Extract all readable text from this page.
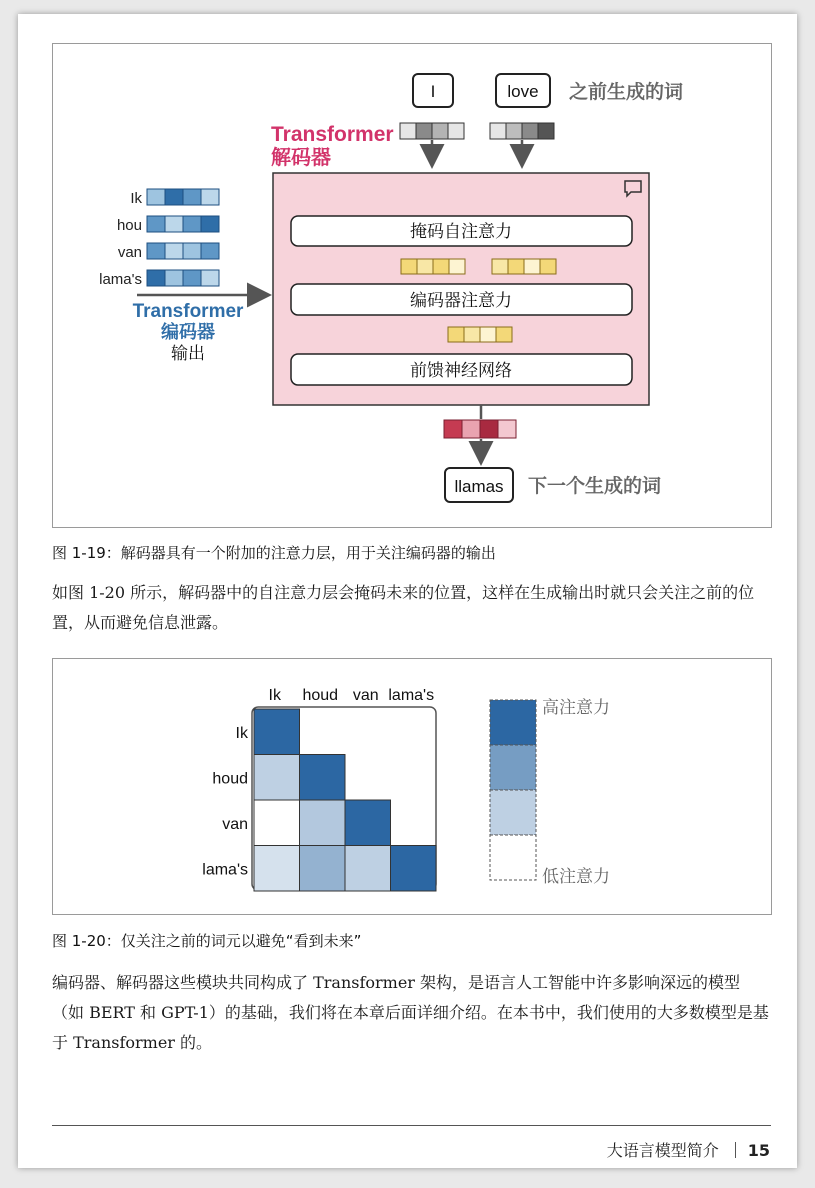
I	love 之前生成的词
Transformer
解码器
掩码自注意力
编码器注意力
前馈神经网络
Ik
hou
van
lama's
Transformer
编码器
输出
llamas 下一个生成的词
图 1-19：解码器具有一个附加的注意力层，用于关注编码器的输出

如图 1-20 所示，解码器中的自注意力层会掩码未来的位置，这样在生成输出时就只会关注之前的位置，从而避免信息泄露。

Ik houd van lama's
Ik
houd
van
lama's
高注意力
低注意力
图 1-20：仅关注之前的词元以避免“看到未来”

编码器、解码器这些模块共同构成了 Transformer 架构，是语言人工智能中许多影响深远的模型（如 BERT 和 GPT-1）的基础，我们将在本章后面详细介绍。在本书中，我们使用的大多数模型是基于 Transformer 的。

大语言模型简介 15
